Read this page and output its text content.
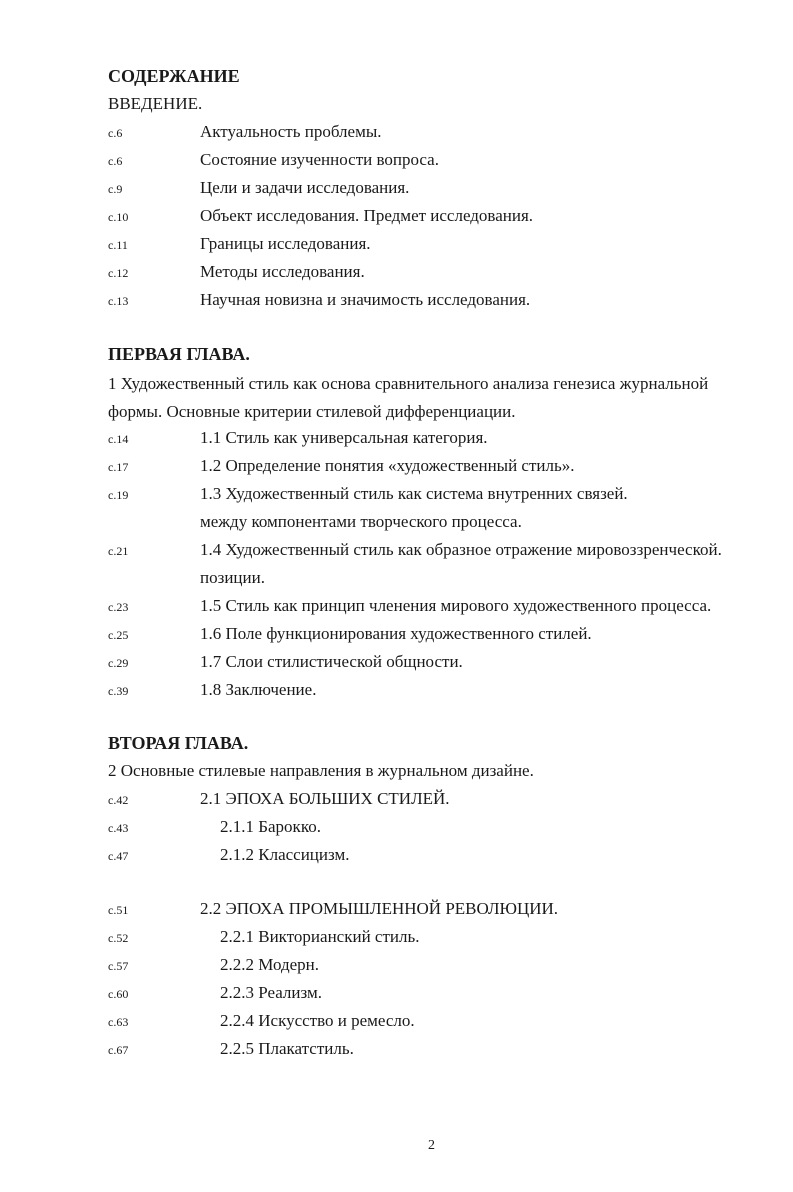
СОДЕРЖАНИЕ
ВВЕДЕНИЕ.
с.6	Актуальность проблемы.
с.6	Состояние изученности вопроса.
с.9	Цели и задачи исследования.
с.10	Объект исследования. Предмет исследования.
с.11	Границы исследования.
с.12	Методы исследования.
с.13	Научная новизна и значимость исследования.
ПЕРВАЯ ГЛАВА.
1 Художественный стиль как основа сравнительного анализа генезиса журнальной формы. Основные критерии стилевой дифференциации.
с.14	1.1 Стиль как универсальная категория.
с.17	1.2 Определение понятия «художественный стиль».
с.19	1.3 Художественный стиль как система внутренних связей.
между компонентами творческого процесса.
с.21	1.4 Художественный стиль как образное отражение мировоззренческой.
позиции.
с.23	1.5 Стиль как принцип членения мирового художественного процесса.
с.25	1.6 Поле функционирования художественного стилей.
с.29	1.7 Слои стилистической общности.
с.39	1.8 Заключение.
ВТОРАЯ ГЛАВА.
2 Основные стилевые направления в журнальном дизайне.
с.42	2.1 ЭПОХА БОЛЬШИХ СТИЛЕЙ.
с.43	2.1.1 Барокко.
с.47	2.1.2 Классицизм.
с.51	2.2 ЭПОХА ПРОМЫШЛЕННОЙ РЕВОЛЮЦИИ.
с.52	2.2.1 Викторианский стиль.
с.57	2.2.2 Модерн.
с.60	2.2.3 Реализм.
с.63	2.2.4 Искусство и ремесло.
с.67	2.2.5 Плакатстиль.
2
